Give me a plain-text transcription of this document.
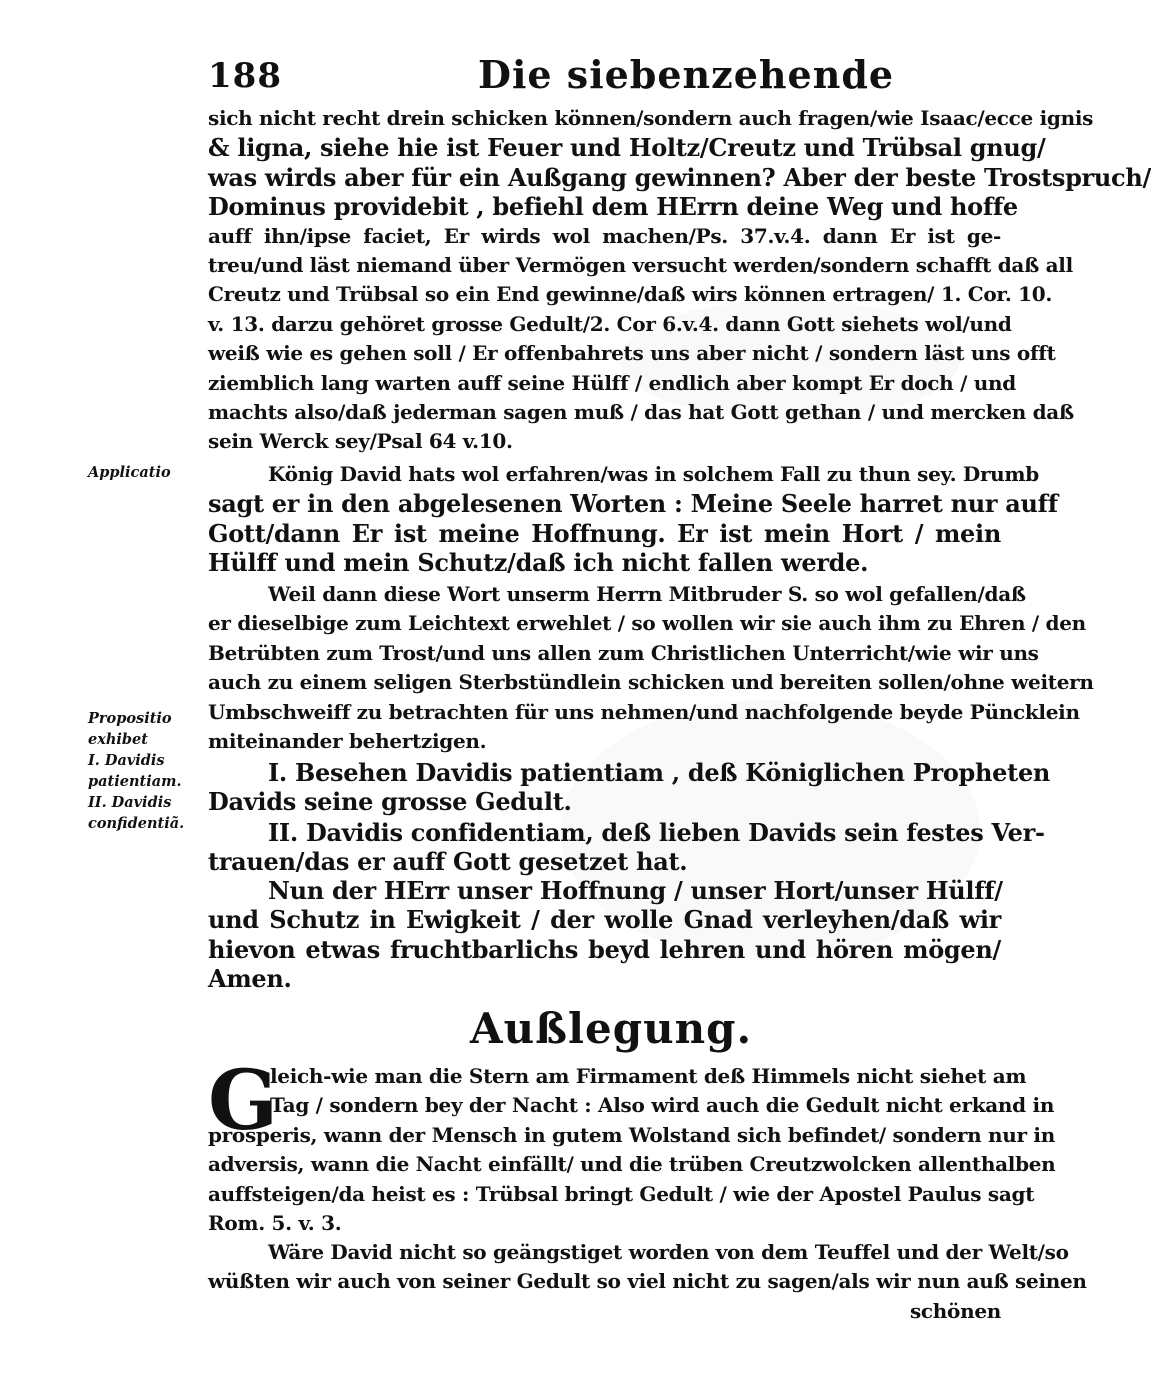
188	Die siebenzehende
sich nicht recht drein schicken können/sondern auch fragen/wie Isaac/ecce ignis
& ligna, siehe hie ist Feuer und Holtz/Creutz und Trübsal gnug/
was wirds aber für ein Außgang gewinnen? Aber der beste Trostspruch/
Dominus providebit , befiehl dem HErrn deine Weg und hoffe
auff ihn/ipse faciet, Er wirds wol machen/Ps. 37.v.4. dann Er ist ge-
treu/und läst niemand über Vermögen versucht werden/sondern schafft daß all
Creutz und Trübsal so ein End gewinne/daß wirs können ertragen/ 1. Cor. 10.
v. 13. darzu gehöret grosse Gedult/2. Cor 6.v.4. dann Gott siehets wol/und
weiß wie es gehen soll / Er offenbahrets uns aber nicht / sondern läst uns offt
ziemblich lang warten auff seine Hülff / endlich aber kompt Er doch / und
machts also/daß jederman sagen muß / das hat Gott gethan / und mercken daß
sein Werck sey/Psal 64 v.10.
König David hats wol erfahren/was in solchem Fall zu thun sey. Drumb
sagt er in den abgelesenen Worten : Meine Seele harret nur auff
Gott/dann Er ist meine Hoffnung. Er ist mein Hort / mein
Hülff und mein Schutz/daß ich nicht fallen werde.
Weil dann diese Wort unserm Herrn Mitbruder S. so wol gefallen/daß
er dieselbige zum Leichtext erwehlet / so wollen wir sie auch ihm zu Ehren / den
Betrübten zum Trost/und uns allen zum Christlichen Unterricht/wie wir uns
auch zu einem seligen Sterbstündlein schicken und bereiten sollen/ohne weitern
Umbschweiff zu betrachten für uns nehmen/und nachfolgende beyde Püncklein
miteinander behertzigen.
I. Besehen Davidis patientiam , deß Königlichen Propheten
Davids seine grosse Gedult.
II. Davidis confidentiam, deß lieben Davids sein festes Ver-
trauen/das er auff Gott gesetzet hat.
Nun der HErr unser Hoffnung / unser Hort/unser Hülff/
und Schutz in Ewigkeit / der wolle Gnad verleyhen/daß wir
hievon etwas fruchtbarlichs beyd lehren und hören mögen/
Amen.
Außlegung.
G
leich-wie man die Stern am Firmament deß Himmels nicht siehet am
Tag / sondern bey der Nacht : Also wird auch die Gedult nicht erkand in
prosperis, wann der Mensch in gutem Wolstand sich befindet/ sondern nur in
adversis, wann die Nacht einfällt/ und die trüben Creutzwolcken allenthalben
auffsteigen/da heist es : Trübsal bringt Gedult / wie der Apostel Paulus sagt
Rom. 5. v. 3.
Wäre David nicht so geängstiget worden von dem Teuffel und der Welt/so
wüßten wir auch von seiner Gedult so viel nicht zu sagen/als wir nun auß seinen
schönen
Applicatio
Propositio
exhibet
I. Davidis
patientiam.
II. Davidis
confidentiã.
